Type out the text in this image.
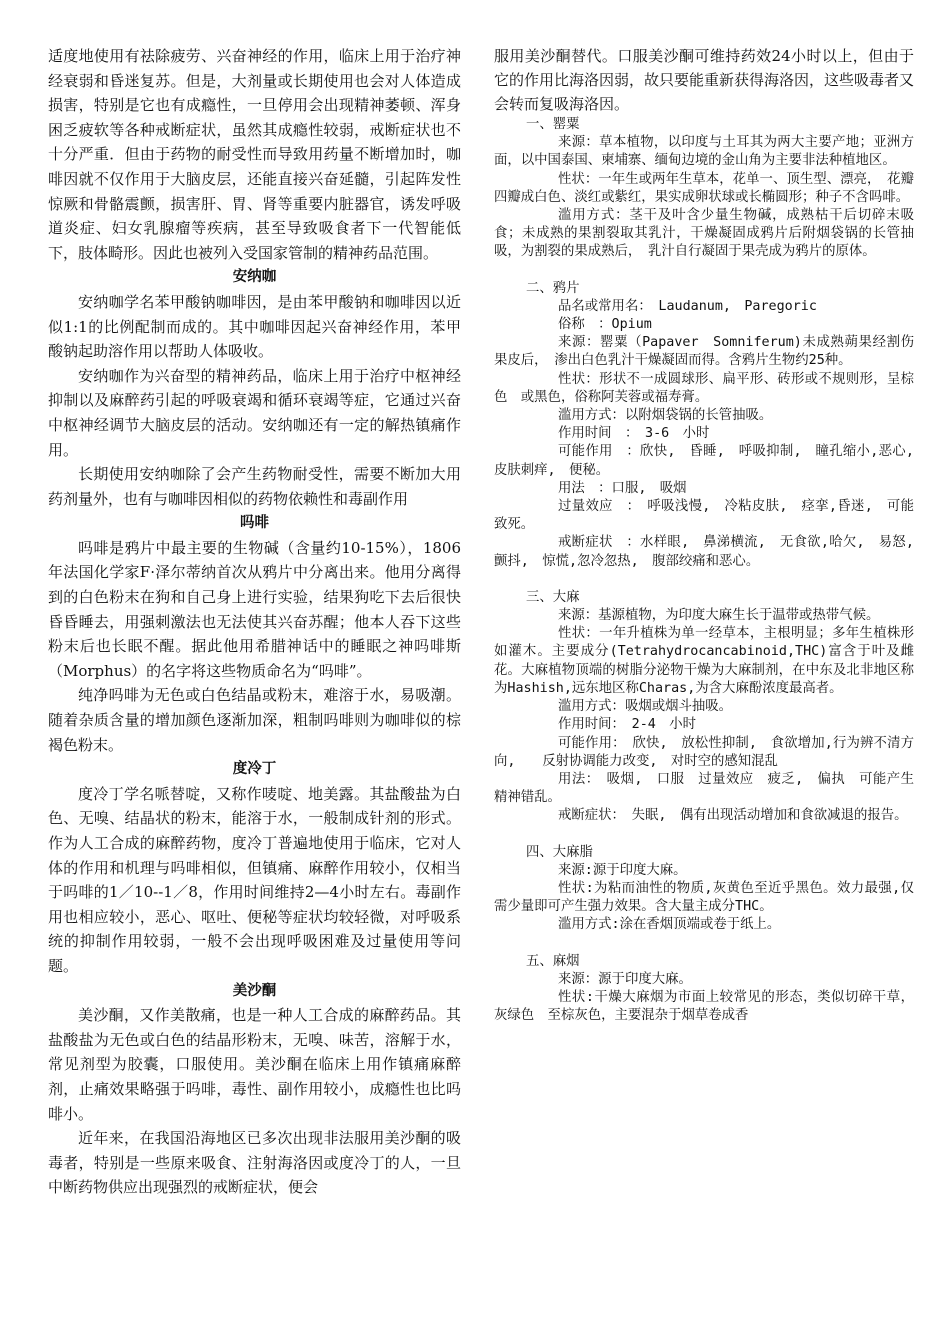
适度地使用有祛除疲劳、兴奋神经的作用，临床上用于治疗神经衰弱和昏迷复苏。但是，大剂量或长期使用也会对人体造成损害，特别是它也有成瘾性，一旦停用会出现精神萎顿、浑身困乏疲软等各种戒断症状，虽然其成瘾性较弱，戒断症状也不十分严重．但由于药物的耐受性而导致用药量不断增加时，咖啡因就不仅作用于大脑皮层，还能直接兴奋延髓，引起阵发性惊厥和骨骼震颤，损害肝、胃、肾等重要内脏器官，诱发呼吸道炎症、妇女乳腺瘤等疾病，甚至导致吸食者下一代智能低下，肢体畸形。因此也被列入受国家管制的精神药品范围。

安纳咖

安纳咖学名苯甲酸钠咖啡因，是由苯甲酸钠和咖啡因以近似1:1的比例配制而成的。其中咖啡因起兴奋神经作用，苯甲酸钠起助溶作用以帮助人体吸收。

安纳咖作为兴奋型的精神药品，临床上用于治疗中枢神经抑制以及麻醉药引起的呼吸衰竭和循环衰竭等症，它通过兴奋中枢神经调节大脑皮层的活动。安纳咖还有一定的解热镇痛作用。

长期使用安纳咖除了会产生药物耐受性，需要不断加大用药剂量外，也有与咖啡因相似的药物依赖性和毒副作用

吗啡

吗啡是鸦片中最主要的生物碱（含量约10-15%），1806年法国化学家F·泽尔蒂纳首次从鸦片中分离出来。他用分离得到的白色粉末在狗和自己身上进行实验，结果狗吃下去后很快昏昏睡去，用强刺激法也无法使其兴奋苏醒；他本人吞下这些粉末后也长眠不醒。据此他用希腊神话中的睡眠之神吗啡斯（Morphus）的名字将这些物质命名为“吗啡”。

纯净吗啡为无色或白色结晶或粉末，难溶于水，易吸潮。随着杂质含量的增加颜色逐渐加深，粗制吗啡则为咖啡似的棕褐色粉末。

度冷丁

度冷丁学名哌替啶，又称作唛啶、地美露。其盐酸盐为白色、无嗅、结晶状的粉末，能溶于水，一般制成针剂的形式。作为人工合成的麻醉药物，度冷丁普遍地使用于临床，它对人体的作用和机理与吗啡相似，但镇痛、麻醉作用较小，仅相当于吗啡的1／10--1／8，作用时间维持2—4小时左右。毒副作用也相应较小，恶心、呕吐、便秘等症状均较轻微，对呼吸系统的抑制作用较弱，一般不会出现呼吸困难及过量使用等问题。

美沙酮

美沙酮，又作美散痛，也是一种人工合成的麻醉药品。其盐酸盐为无色或白色的结晶形粉末，无嗅、味苦，溶解于水，常见剂型为胶囊，口服使用。美沙酮在临床上用作镇痛麻醉剂，止痛效果略强于吗啡，毒性、副作用较小，成瘾性也比吗啡小。

近年来，在我国沿海地区已多次出现非法服用美沙酮的吸毒者，特别是一些原来吸食、注射海洛因或度冷丁的人，一旦中断药物供应出现强烈的戒断症状，便会

服用美沙酮替代。口服美沙酮可维持药效24小时以上，但由于它的作用比海洛因弱，故只要能重新获得海洛因，这些吸毒者又会转而复吸海洛因。

一、罂粟

来源：草本植物，以印度与土耳其为两大主要产地；亚洲方面，以中国泰国、柬埔寨、缅甸边境的金山角为主要非法种植地区。

性状：一年生或两年生草本，花单一、顶生型、漂亮，　花瓣四瓣成白色、淡红或紫红，果实成卵状球或长椭圆形；种子不含吗啡。

滥用方式：茎干及叶含少量生物碱，成熟枯干后切碎末吸食；未成熟的果割裂取其乳汁，干燥凝固成鸦片后附烟袋锅的长管抽吸，为割裂的果成熟后，　乳汁自行凝固于果壳成为鸦片的原体。

二、鸦片

品名或常用名：　Laudanum,　Paregoric

俗称　：Opium

来源：罂粟（Papaver　Somniferum)未成熟蒴果经割伤果皮后，　渗出白色乳汁干燥凝固而得。含鸦片生物约25种。

性状：形状不一成圆球形、扁平形、砖形或不规则形，呈棕色　或黑色，俗称阿芙蓉或福寿膏。

滥用方式：以附烟袋锅的长管抽吸。

作用时间　：　3-6　小时

可能作用　：欣快,　昏睡,　呼吸抑制,　瞳孔缩小,恶心,　皮肤刺痒,　便秘。

用法　：口服,　吸烟

过量效应　：　呼吸浅慢,　冷粘皮肤,　痉挛,昏迷,　可能致死。

戒断症状　：水样眼,　鼻涕横流,　无食欲,哈欠,　易怒,　颤抖,　惊慌,忽冷忽热,　腹部绞痛和恶心。

三、大麻

来源：基源植物，为印度大麻生长于温带或热带气候。

性状：一年升植株为单一经草本，主根明显；多年生植株形如灌木。主要成分(Tetrahydrocancabinoid,THC)富含于叶及雌花。大麻植物顶端的树脂分泌物干燥为大麻制剂，在中东及北非地区称为Hashish,远东地区称Charas,为含大麻酚浓度最高者。

滥用方式：吸烟或烟斗抽吸。

作用时间：　2-4　小时

可能作用：　欣快,　放松性抑制,　食欲增加,行为辨不清方向,　　反射协调能力改变,　对时空的感知混乱

用法：　吸烟,　口服　过量效应　疲乏,　偏执　可能产生精神错乱。

戒断症状：　失眠,　偶有出现活动增加和食欲减退的报告。

四、大麻脂

来源:源于印度大麻。

性状:为粘而油性的物质,灰黄色至近乎黑色。效力最强,仅需少量即可产生强力效果。含大量主成分THC。

滥用方式:涂在香烟顶端或卷于纸上。

五、麻烟

来源：源于印度大麻。

性状:干燥大麻烟为市面上较常见的形态，类似切碎干草，灰绿色　至棕灰色，主要混杂于烟草卷成香
